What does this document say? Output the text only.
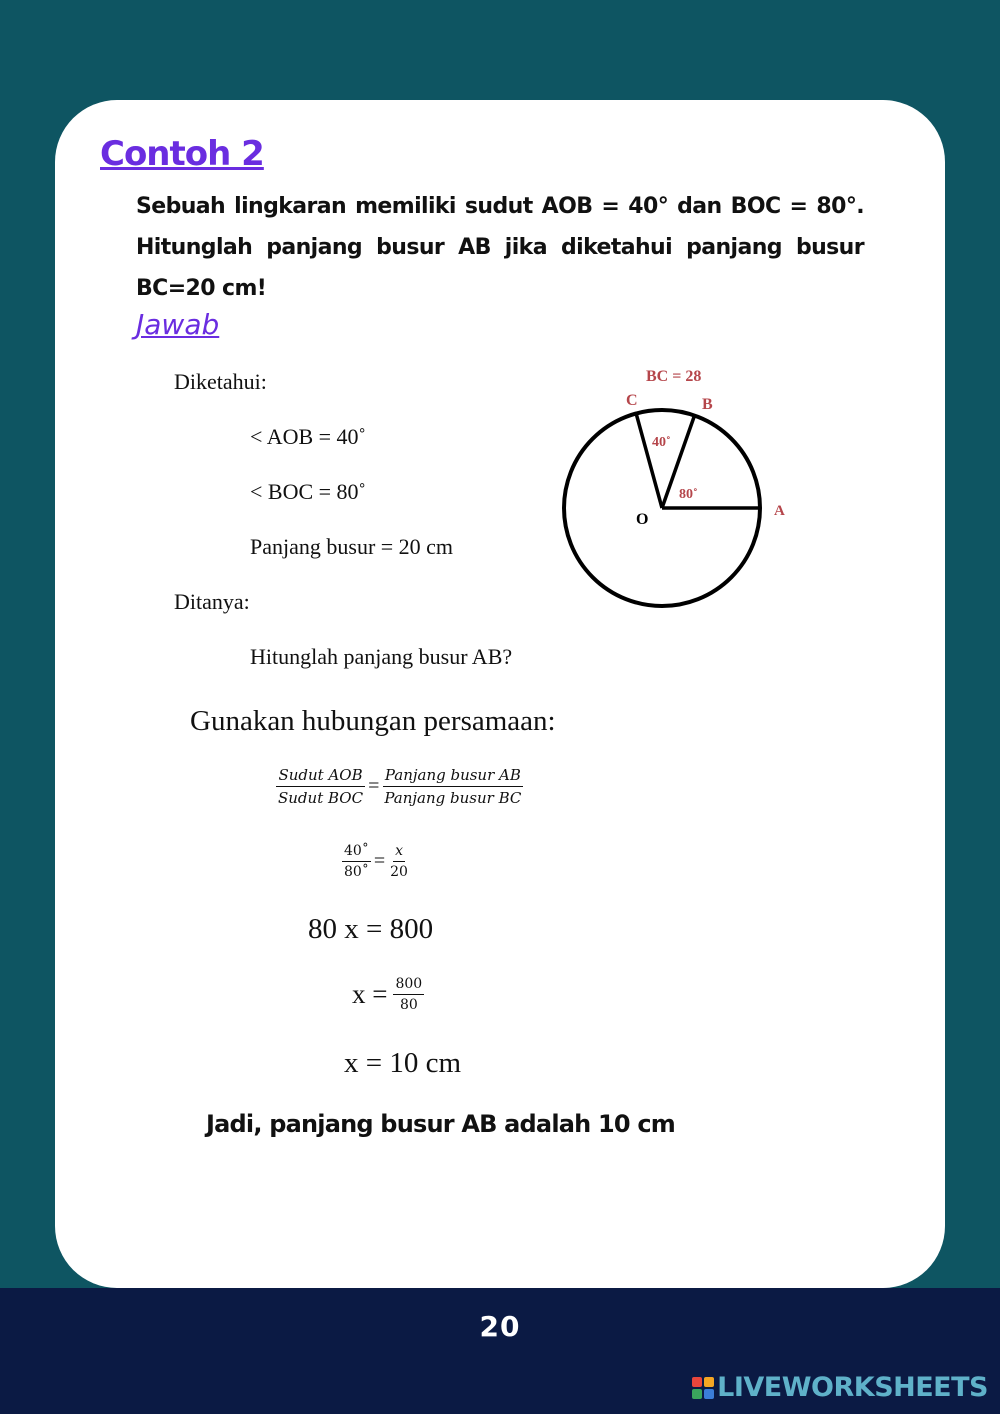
Contoh 2
Sebuah lingkaran memiliki sudut AOB = 40° dan BOC = 80°. Hitunglah panjang busur AB jika diketahui panjang busur BC=20 cm!
Jawab
Diketahui:
< AOB = 40˚
< BOC = 80˚
Panjang busur = 20 cm
Ditanya:
Hitunglah panjang busur AB?
BC = 28
C	B
A
O
40˚
80˚
Gunakan hubungan persamaan:
$\frac{\text{Sudut AOB}}{\text{Sudut BOC}} = \frac{\text{Panjang busur AB}}{\text{Panjang busur BC}}$
$\frac{40˚}{80˚} = \frac{x}{20}$
80 x = 800
$x = \frac{800}{80}$
x = 10 cm
Jadi, panjang busur AB adalah 10 cm
20
LIVEWORKSHEETS
